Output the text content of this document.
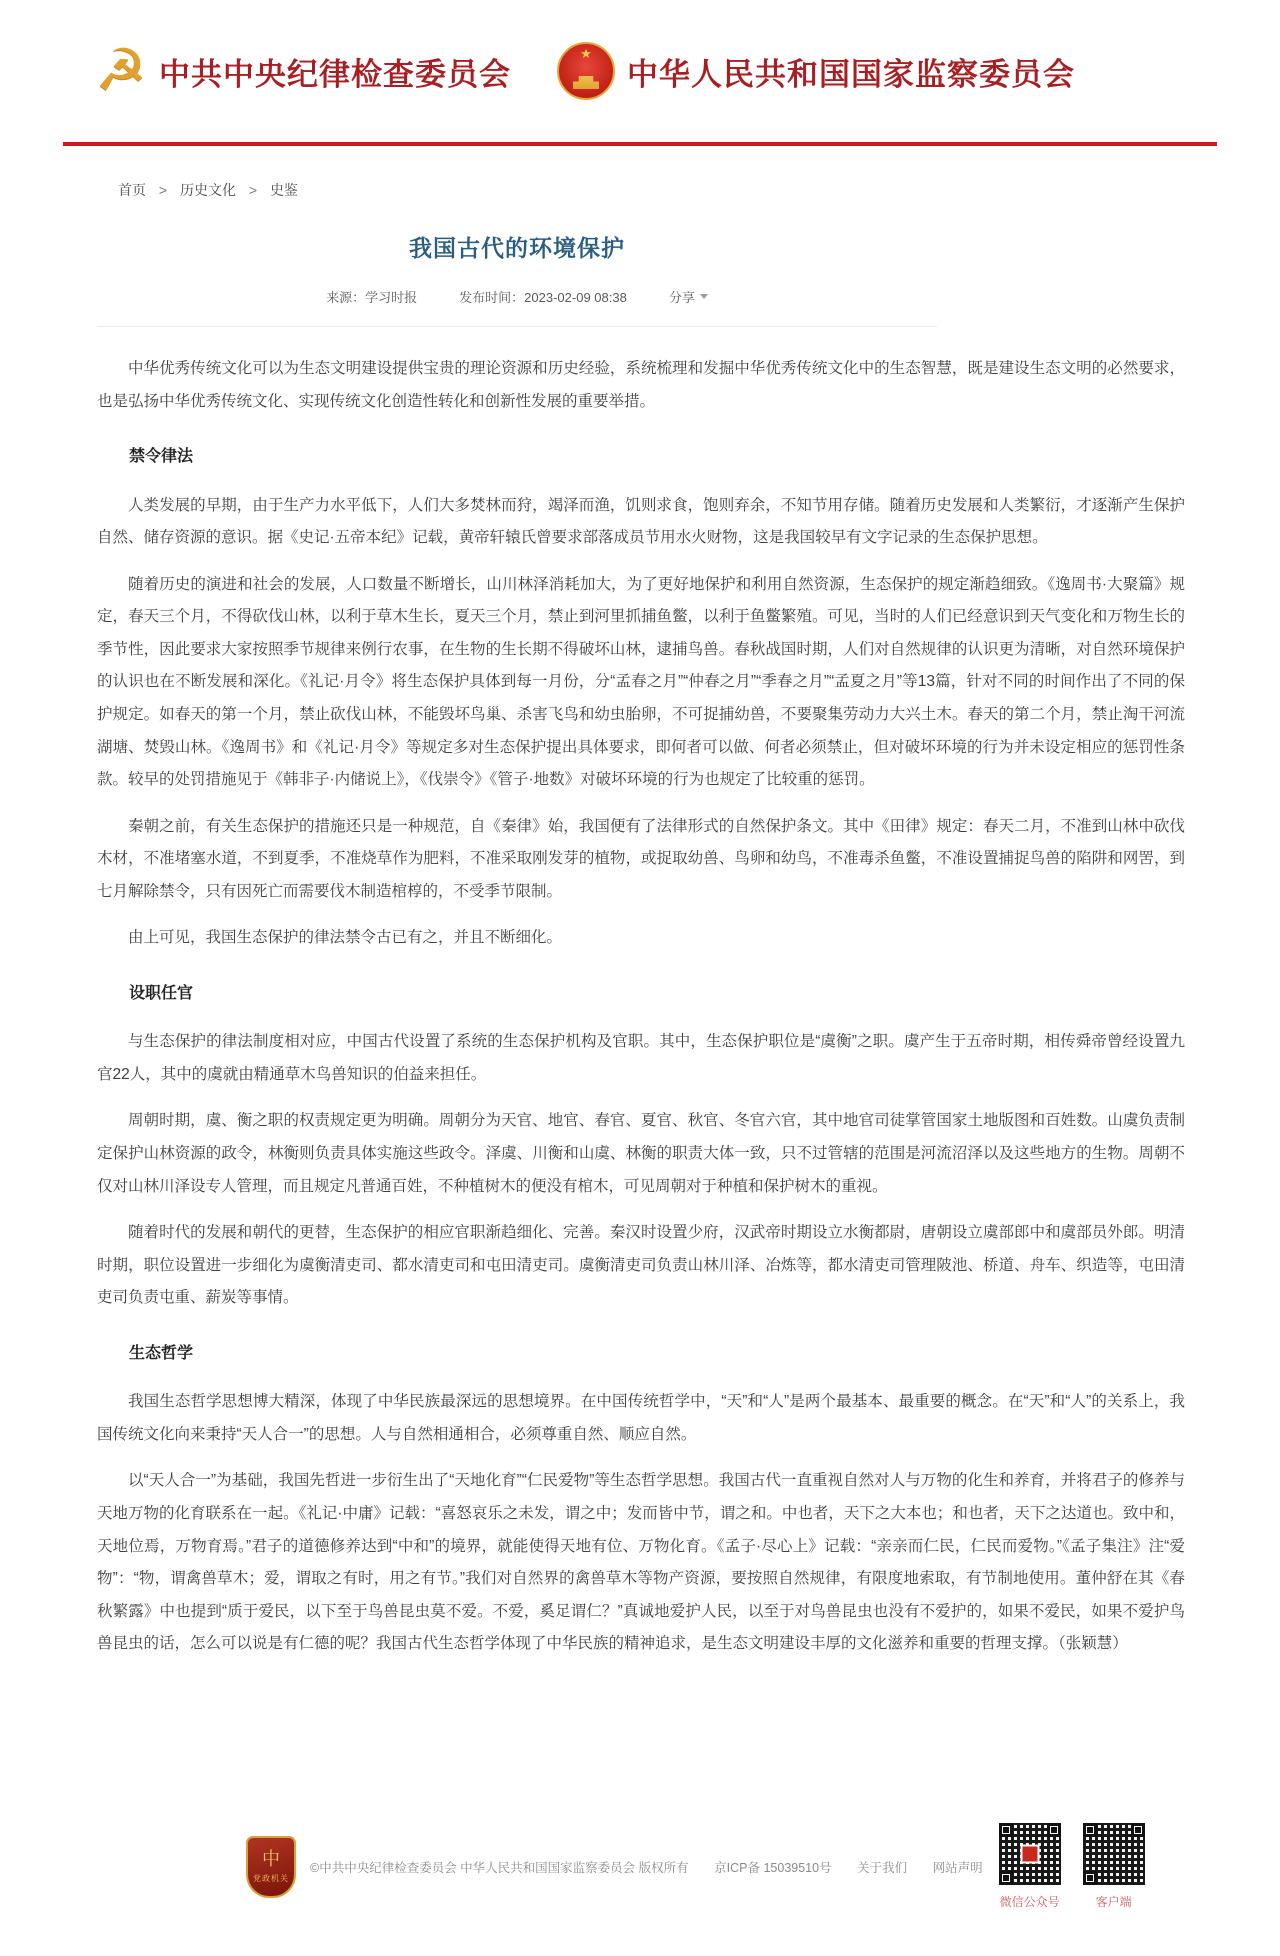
☭ 中共中央纪律检查委员会
★
中华人民共和国国家监察委员会
首页 > 历史文化 > 史鉴
我国古代的环境保护
来源：学习时报	发布时间：2023-02-09 08:38	分享

中华优秀传统文化可以为生态文明建设提供宝贵的理论资源和历史经验，系统梳理和发掘中华优秀传统文化中的生态智慧，既是建设生态文明的必然要求，也是弘扬中华优秀传统文化、实现传统文化创造性转化和创新性发展的重要举措。

禁令律法

人类发展的早期，由于生产力水平低下，人们大多焚林而狩，竭泽而渔，饥则求食，饱则弃余，不知节用存储。随着历史发展和人类繁衍，才逐渐产生保护自然、储存资源的意识。据《史记·五帝本纪》记载，黄帝轩辕氏曾要求部落成员节用水火财物，这是我国较早有文字记录的生态保护思想。

随着历史的演进和社会的发展，人口数量不断增长，山川林泽消耗加大，为了更好地保护和利用自然资源，生态保护的规定渐趋细致。《逸周书·大聚篇》规定，春天三个月，不得砍伐山林，以利于草木生长，夏天三个月，禁止到河里抓捕鱼鳖，以利于鱼鳖繁殖。可见，当时的人们已经意识到天气变化和万物生长的季节性，因此要求大家按照季节规律来例行农事，在生物的生长期不得破坏山林，逮捕鸟兽。春秋战国时期，人们对自然规律的认识更为清晰，对自然环境保护的认识也在不断发展和深化。《礼记·月令》将生态保护具体到每一月份，分“孟春之月”“仲春之月”“季春之月”“孟夏之月”等13篇，针对不同的时间作出了不同的保护规定。如春天的第一个月，禁止砍伐山林，不能毁坏鸟巢、杀害飞鸟和幼虫胎卵，不可捉捕幼兽，不要聚集劳动力大兴土木。春天的第二个月，禁止淘干河流湖塘、焚毁山林。《逸周书》和《礼记·月令》等规定多对生态保护提出具体要求，即何者可以做、何者必须禁止，但对破坏环境的行为并未设定相应的惩罚性条款。较早的处罚措施见于《韩非子·内储说上》，《伐崇令》《管子·地数》对破坏环境的行为也规定了比较重的惩罚。

秦朝之前，有关生态保护的措施还只是一种规范，自《秦律》始，我国便有了法律形式的自然保护条文。其中《田律》规定：春天二月，不准到山林中砍伐木材，不准堵塞水道，不到夏季，不准烧草作为肥料，不准采取刚发芽的植物，或捉取幼兽、鸟卵和幼鸟，不准毒杀鱼鳖，不准设置捕捉鸟兽的陷阱和网罟，到七月解除禁令，只有因死亡而需要伐木制造棺椁的，不受季节限制。

由上可见，我国生态保护的律法禁令古已有之，并且不断细化。

设职任官

与生态保护的律法制度相对应，中国古代设置了系统的生态保护机构及官职。其中，生态保护职位是“虞衡”之职。虞产生于五帝时期，相传舜帝曾经设置九官22人，其中的虞就由精通草木鸟兽知识的伯益来担任。

周朝时期，虞、衡之职的权责规定更为明确。周朝分为天官、地官、春官、夏官、秋官、冬官六官，其中地官司徒掌管国家土地版图和百姓数。山虞负责制定保护山林资源的政令，林衡则负责具体实施这些政令。泽虞、川衡和山虞、林衡的职责大体一致，只不过管辖的范围是河流沼泽以及这些地方的生物。周朝不仅对山林川泽设专人管理，而且规定凡普通百姓，不种植树木的便没有棺木，可见周朝对于种植和保护树木的重视。

随着时代的发展和朝代的更替，生态保护的相应官职渐趋细化、完善。秦汉时设置少府，汉武帝时期设立水衡都尉，唐朝设立虞部郎中和虞部员外郎。明清时期，职位设置进一步细化为虞衡清吏司、都水清吏司和屯田清吏司。虞衡清吏司负责山林川泽、冶炼等，都水清吏司管理陂池、桥道、舟车、织造等，屯田清吏司负责屯重、薪炭等事情。

生态哲学

我国生态哲学思想博大精深，体现了中华民族最深远的思想境界。在中国传统哲学中，“天”和“人”是两个最基本、最重要的概念。在“天”和“人”的关系上，我国传统文化向来秉持“天人合一”的思想。人与自然相通相合，必须尊重自然、顺应自然。

以“天人合一”为基础，我国先哲进一步衍生出了“天地化育”“仁民爱物”等生态哲学思想。我国古代一直重视自然对人与万物的化生和养育，并将君子的修养与天地万物的化育联系在一起。《礼记·中庸》记载：“喜怒哀乐之未发，谓之中；发而皆中节，谓之和。中也者，天下之大本也；和也者，天下之达道也。致中和，天地位焉，万物育焉。”君子的道德修养达到“中和”的境界，就能使得天地有位、万物化育。《孟子·尽心上》记载：“亲亲而仁民，仁民而爱物。”《孟子集注》注“爱物”：“物，谓禽兽草木；爱，谓取之有时，用之有节。”我们对自然界的禽兽草木等物产资源，要按照自然规律，有限度地索取，有节制地使用。董仲舒在其《春秋繁露》中也提到“质于爱民，以下至于鸟兽昆虫莫不爱。不爱，奚足谓仁？”真诚地爱护人民，以至于对鸟兽昆虫也没有不爱护的，如果不爱民，如果不爱护鸟兽昆虫的话，怎么可以说是有仁德的呢？我国古代生态哲学体现了中华民族的精神追求，是生态文明建设丰厚的文化滋养和重要的哲理支撑。（张颖慧）

中
党政机关
©中共中央纪律检查委员会 中华人民共和国国家监察委员会 版权所有 京ICP备 15039510号 关于我们 网站声明
微信公众号	客户端
